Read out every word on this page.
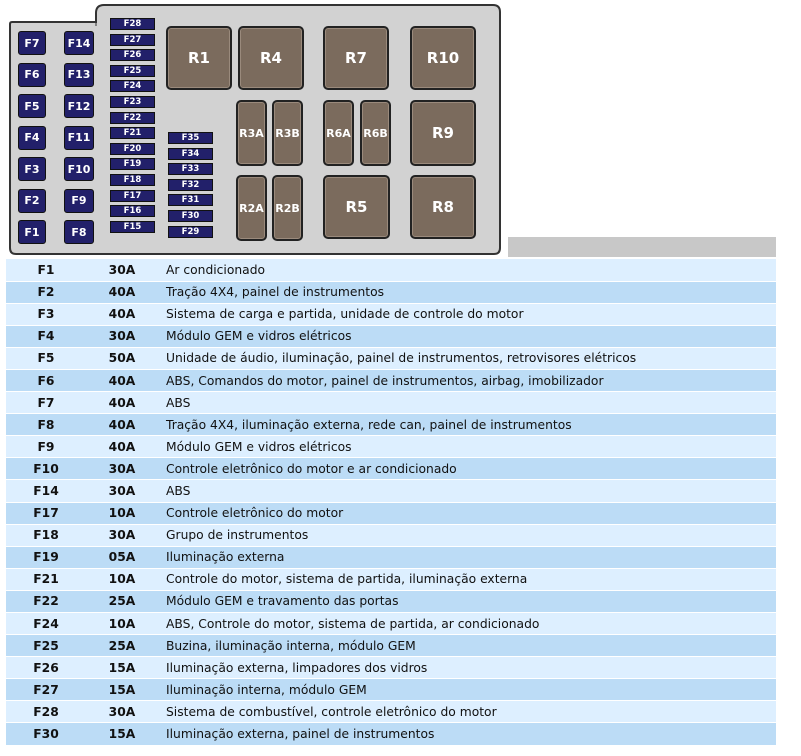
F7
F6
F5
F4
F3
F2
F1
F14
F13
F12
F11
F10
F9
F8
F28
F27
F26
F25
F24
F23
F22
F21
F20
F19
F18
F17
F16
F15
F35
F34
F33
F32
F31
F30
F29
R1	R4	R7	R10
R3A R3B R6A R6B	R9
R2A R2B	R5	R8
F1	30A	Ar condicionado
F2	40A	Tração 4X4, painel de instrumentos
F3	40A	Sistema de carga e partida, unidade de controle do motor
F4	30A	Módulo GEM e vidros elétricos
F5	50A	Unidade de áudio, iluminação, painel de instrumentos, retrovisores elétricos
F6	40A	ABS, Comandos do motor, painel de instrumentos, airbag, imobilizador
F7	40A	ABS
F8	40A	Tração 4X4, iluminação externa, rede can, painel de instrumentos
F9	40A	Módulo GEM e vidros elétricos
F10	30A	Controle eletrônico do motor e ar condicionado
F14	30A	ABS
F17	10A	Controle eletrônico do motor
F18	30A	Grupo de instrumentos
F19	05A	Iluminação externa
F21	10A	Controle do motor, sistema de partida, iluminação externa
F22	25A	Módulo GEM e travamento das portas
F24	10A	ABS, Controle do motor, sistema de partida, ar condicionado
F25	25A	Buzina, iluminação interna, módulo GEM
F26	15A	Iluminação externa, limpadores dos vidros
F27	15A	Iluminação interna, módulo GEM
F28	30A	Sistema de combustível, controle eletrônico do motor
F30	15A	Iluminação externa, painel de instrumentos
